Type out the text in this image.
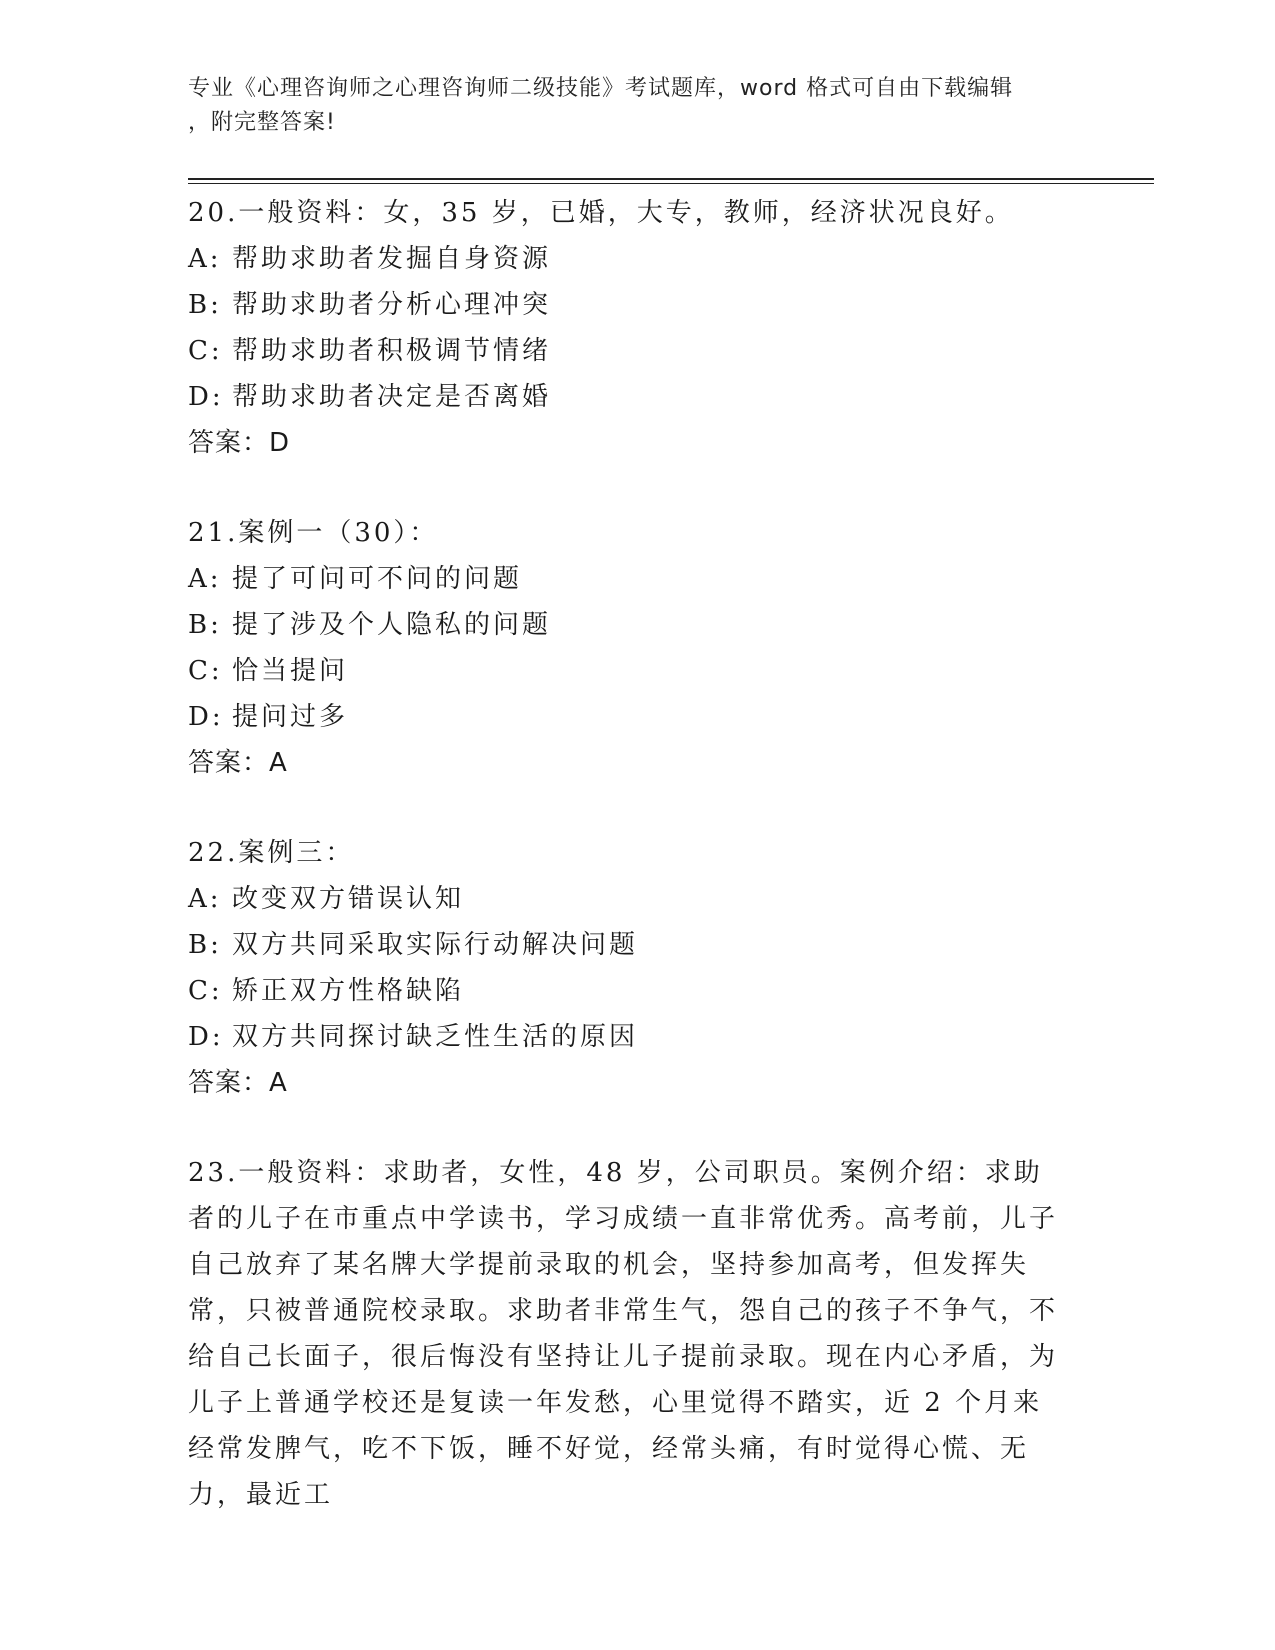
专业《心理咨询师之心理咨询师二级技能》考试题库，word 格式可自由下载编辑
，附完整答案!
20.一般资料：女，35 岁，已婚，大专，教师，经济状况良好。
A: 帮助求助者发掘自身资源
B: 帮助求助者分析心理冲突
C: 帮助求助者积极调节情绪
D: 帮助求助者决定是否离婚
答案：D
21.案例一（30）：
A: 提了可问可不问的问题
B: 提了涉及个人隐私的问题
C: 恰当提问
D: 提问过多
答案：A
22.案例三：
A: 改变双方错误认知
B: 双方共同采取实际行动解决问题
C: 矫正双方性格缺陷
D: 双方共同探讨缺乏性生活的原因
答案：A
23.一般资料：求助者，女性，48 岁，公司职员。案例介绍：求助者的儿子在市重点中学读书，学习成绩一直非常优秀。高考前，儿子自己放弃了某名牌大学提前录取的机会，坚持参加高考，但发挥失常，只被普通院校录取。求助者非常生气，怨自己的孩子不争气，不给自己长面子，很后悔没有坚持让儿子提前录取。现在内心矛盾，为儿子上普通学校还是复读一年发愁，心里觉得不踏实，近 2 个月来经常发脾气，吃不下饭，睡不好觉，经常头痛，有时觉得心慌、无力，最近工
